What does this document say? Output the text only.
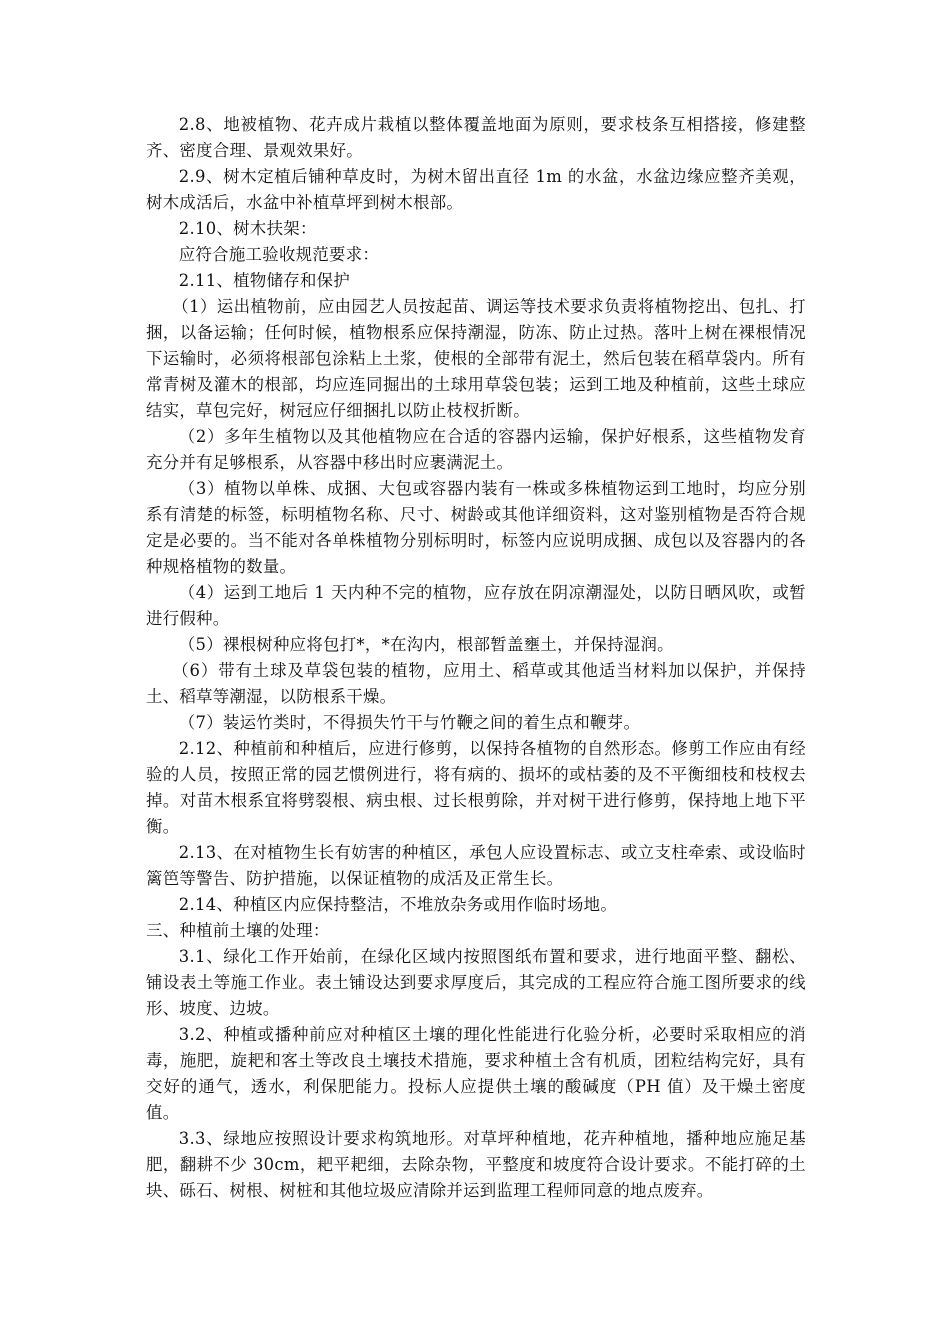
2.8、地被植物、花卉成片栽植以整体覆盖地面为原则，要求枝条互相搭接，修建整齐、密度合理、景观效果好。

2.9、树木定植后铺种草皮时，为树木留出直径 1m 的水盆，水盆边缘应整齐美观，树木成活后，水盆中补植草坪到树木根部。

2.10、树木扶架：

应符合施工验收规范要求：

2.11、植物储存和保护

（1）运出植物前，应由园艺人员按起苗、调运等技术要求负责将植物挖出、包扎、打捆，以备运输；任何时候，植物根系应保持潮湿，防冻、防止过热。落叶上树在裸根情况下运输时，必须将根部包涂粘上土浆，使根的全部带有泥土，然后包装在稻草袋内。所有常青树及灌木的根部，均应连同掘出的土球用草袋包装；运到工地及种植前，这些土球应结实，草包完好，树冠应仔细捆扎以防止枝杈折断。

（2）多年生植物以及其他植物应在合适的容器内运输，保护好根系，这些植物发育充分并有足够根系，从容器中移出时应裹满泥土。

（3）植物以单株、成捆、大包或容器内装有一株或多株植物运到工地时，均应分别系有清楚的标签，标明植物名称、尺寸、树龄或其他详细资料，这对鉴别植物是否符合规定是必要的。当不能对各单株植物分别标明时，标签内应说明成捆、成包以及容器内的各种规格植物的数量。

（4）运到工地后 1 天内种不完的植物，应存放在阴凉潮湿处，以防日晒风吹，或暂进行假种。

（5）裸根树种应将包打*，*在沟内，根部暂盖壅土，并保持湿润。

（6）带有土球及草袋包装的植物，应用土、稻草或其他适当材料加以保护，并保持土、稻草等潮湿，以防根系干燥。

（7）装运竹类时，不得损失竹干与竹鞭之间的着生点和鞭芽。

2.12、种植前和种植后，应进行修剪，以保持各植物的自然形态。修剪工作应由有经验的人员，按照正常的园艺惯例进行，将有病的、损坏的或枯萎的及不平衡细枝和枝杈去掉。对苗木根系宜将劈裂根、病虫根、过长根剪除，并对树干进行修剪，保持地上地下平衡。

2.13、在对植物生长有妨害的种植区，承包人应设置标志、或立支柱牵索、或设临时篱笆等警告、防护措施，以保证植物的成活及正常生长。

2.14、种植区内应保持整洁，不堆放杂务或用作临时场地。

三、种植前土壤的处理：

3.1、绿化工作开始前，在绿化区域内按照图纸布置和要求，进行地面平整、翻松、铺设表土等施工作业。表土铺设达到要求厚度后，其完成的工程应符合施工图所要求的线形、坡度、边坡。

3.2、种植或播种前应对种植区土壤的理化性能进行化验分析，必要时采取相应的消毒，施肥，旋耙和客土等改良土壤技术措施，要求种植土含有机质，团粒结构完好，具有交好的通气，透水，利保肥能力。投标人应提供土壤的酸碱度（PH 值）及干燥土密度值。

3.3、绿地应按照设计要求构筑地形。对草坪种植地，花卉种植地，播种地应施足基肥，翻耕不少 30cm，耙平耙细，去除杂物，平整度和坡度符合设计要求。不能打碎的土块、砾石、树根、树桩和其他垃圾应清除并运到监理工程师同意的地点废弃。
